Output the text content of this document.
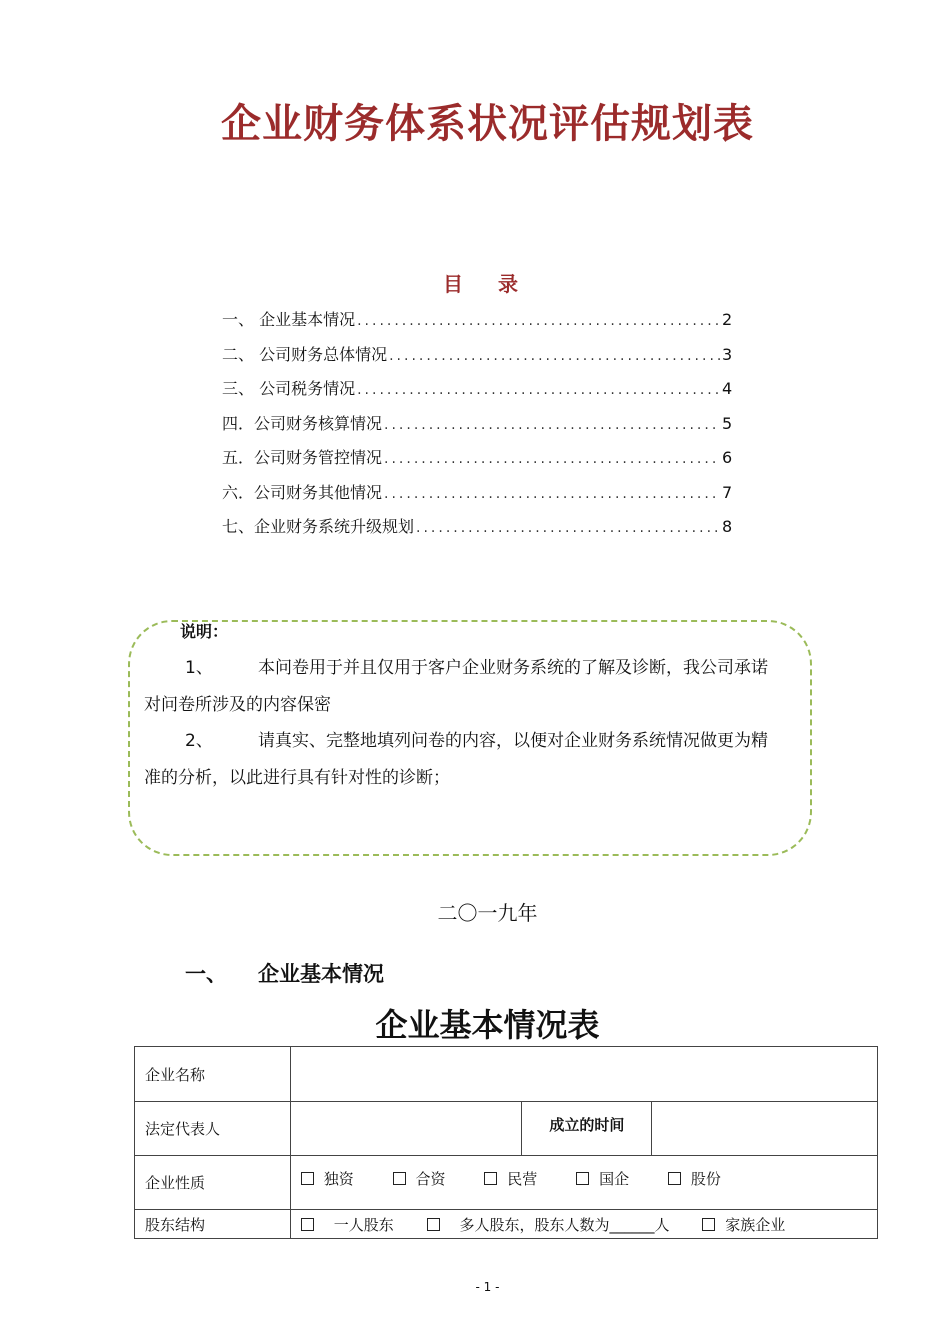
企业财务体系状况评估规划表
目 录
一、 企业基本情况 .....	2
二、 公司财务总体情况 .....	3
三、 公司税务情况 .....	4
四．公司财务核算情况 .....	5
五．公司财务管控情况 .....	6
六．公司财务其他情况 .....	7
七、企业财务系统升级规划 .....	8
说明：
1、	本问卷用于并且仅用于客户企业财务系统的了解及诊断，我公司承诺
对问卷所涉及的内容保密
2、	请真实、完整地填列问卷的内容，以便对企业财务系统情况做更为精
准的分析，以此进行具有针对性的诊断；
二〇一九年
一、 企业基本情况
企业基本情况表
企业名称			
法定代表人		成立的时间	
企业性质	独资 合资 民营 国企 股份		
股东结构	一人股东 多人股东，股东人数为______人 家族企业		
- 1 -
